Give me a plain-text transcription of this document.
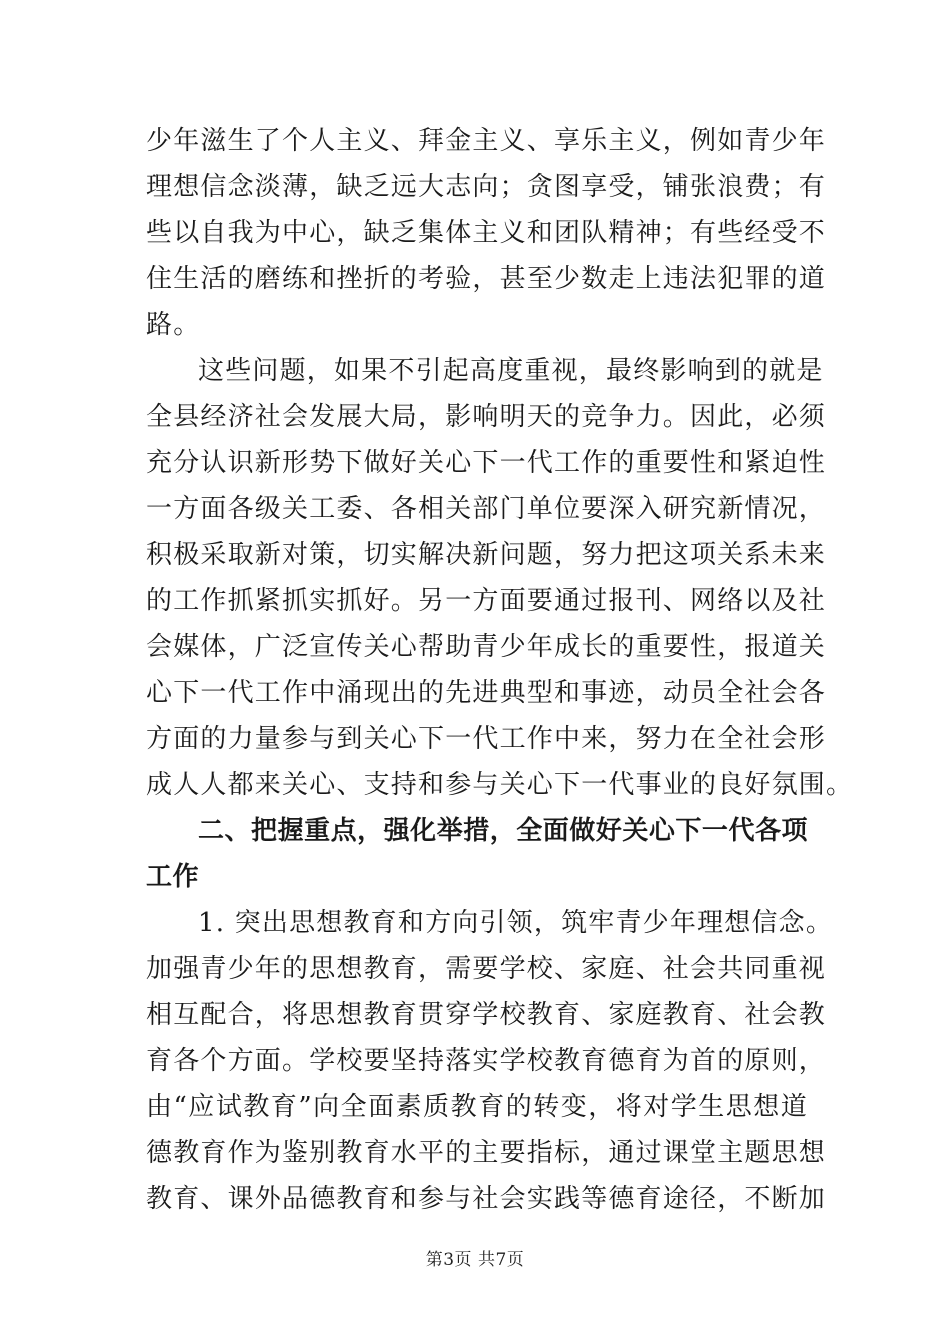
少年滋生了个人主义、拜金主义、享乐主义，例如青少年
理想信念淡薄，缺乏远大志向；贪图享受，铺张浪费；有
些以自我为中心，缺乏集体主义和团队精神；有些经受不
住生活的磨练和挫折的考验，甚至少数走上违法犯罪的道
路。
这些问题，如果不引起高度重视，最终影响到的就是
全县经济社会发展大局，影响明天的竞争力。因此，必须
充分认识新形势下做好关心下一代工作的重要性和紧迫性
一方面各级关工委、各相关部门单位要深入研究新情况，
积极采取新对策，切实解决新问题，努力把这项关系未来
的工作抓紧抓实抓好。另一方面要通过报刊、网络以及社
会媒体，广泛宣传关心帮助青少年成长的重要性，报道关
心下一代工作中涌现出的先进典型和事迹，动员全社会各
方面的力量参与到关心下一代工作中来，努力在全社会形
成人人都来关心、支持和参与关心下一代事业的良好氛围。
二、把握重点，强化举措，全面做好关心下一代各项
工作
1. 突出思想教育和方向引领，筑牢青少年理想信念。
加强青少年的思想教育，需要学校、家庭、社会共同重视
相互配合，将思想教育贯穿学校教育、家庭教育、社会教
育各个方面。学校要坚持落实学校教育德育为首的原则，
由“应试教育”向全面素质教育的转变，将对学生思想道
德教育作为鉴别教育水平的主要指标，通过课堂主题思想
教育、课外品德教育和参与社会实践等德育途径，不断加
第3页 共7页
